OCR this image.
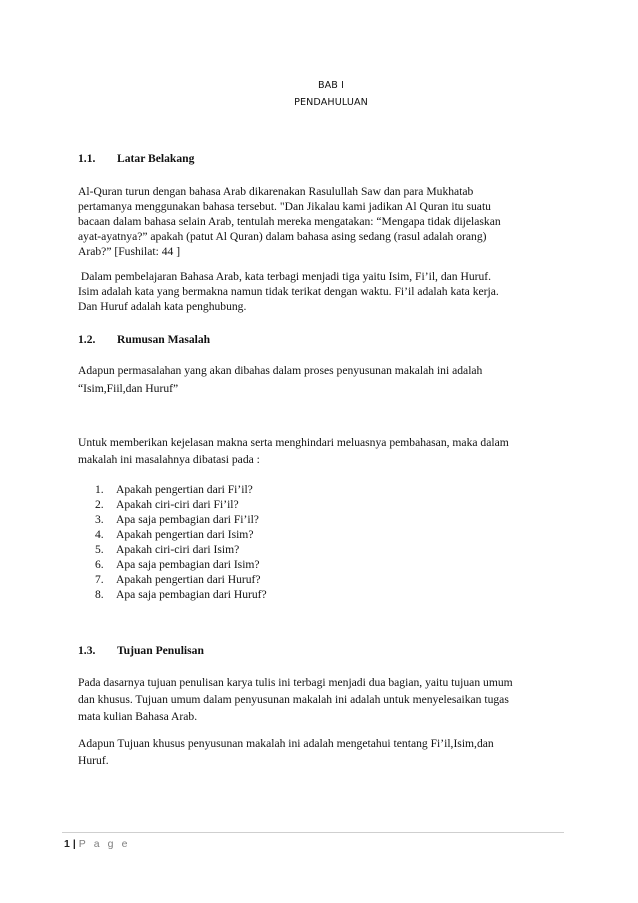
BAB I
PENDAHULUAN
1.1. Latar Belakang
Al-Quran turun dengan bahasa Arab dikarenakan Rasulullah Saw dan para Mukhatab
pertamanya menggunakan bahasa tersebut. "Dan Jikalau kami jadikan Al Quran itu suatu
bacaan dalam bahasa selain Arab, tentulah mereka mengatakan: “Mengapa tidak dijelaskan
ayat-ayatnya?” apakah (patut Al Quran) dalam bahasa asing sedang (rasul adalah orang)
Arab?” [Fushilat: 44 ]
Dalam pembelajaran Bahasa Arab, kata terbagi menjadi tiga yaitu Isim, Fi’il, dan Huruf.
Isim adalah kata yang bermakna namun tidak terikat dengan waktu. Fi’il adalah kata kerja.
Dan Huruf adalah kata penghubung.
1.2. Rumusan Masalah
Adapun permasalahan yang akan dibahas dalam proses penyusunan makalah ini adalah
“Isim,Fiil,dan Huruf”
Untuk memberikan kejelasan makna serta menghindari meluasnya pembahasan, maka dalam
makalah ini masalahnya dibatasi pada :
1. Apakah pengertian dari Fi’il?
2. Apakah ciri-ciri dari Fi’il?
3. Apa saja pembagian dari Fi’il?
4. Apakah pengertian dari Isim?
5. Apakah ciri-ciri dari Isim?
6. Apa saja pembagian dari Isim?
7. Apakah pengertian dari Huruf?
8. Apa saja pembagian dari Huruf?
1.3. Tujuan Penulisan
Pada dasarnya tujuan penulisan karya tulis ini terbagi menjadi dua bagian, yaitu tujuan umum
dan khusus. Tujuan umum dalam penyusunan makalah ini adalah untuk menyelesaikan tugas
mata kulian Bahasa Arab.
Adapun Tujuan khusus penyusunan makalah ini adalah mengetahui tentang Fi’il,Isim,dan
Huruf.
1 | P a g e
